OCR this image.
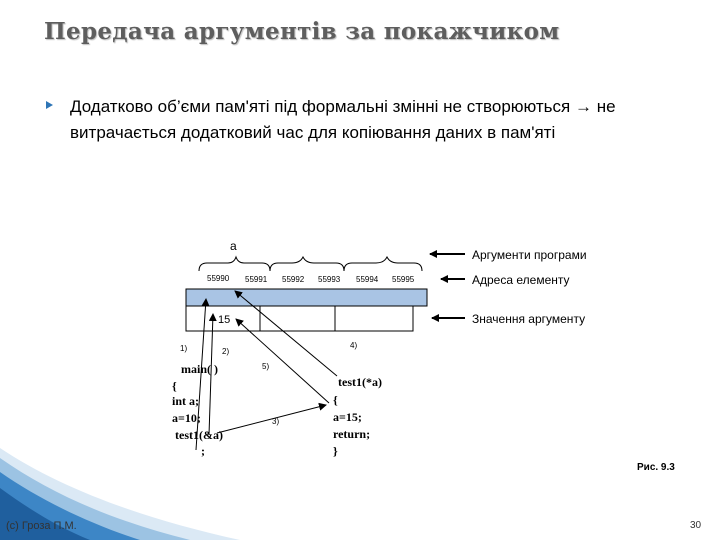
Передача аргументів за покажчиком
Додатково об’єми пам'яті під формальні змінні не створюються → не витрачається додатковий час для копіювання даних в пам'яті
a
55990 55991 55992 55993 55994 55995
15
Аргументи програми
Адреса елементу
Значення аргументу
1)	2)
5)
4)
3)
main( )
{
int a;
a=10;
test1(&a)
;
test1(*a)
{
a=15;
return;
}
Рис. 9.3
(c) Гроза П.М.	30
